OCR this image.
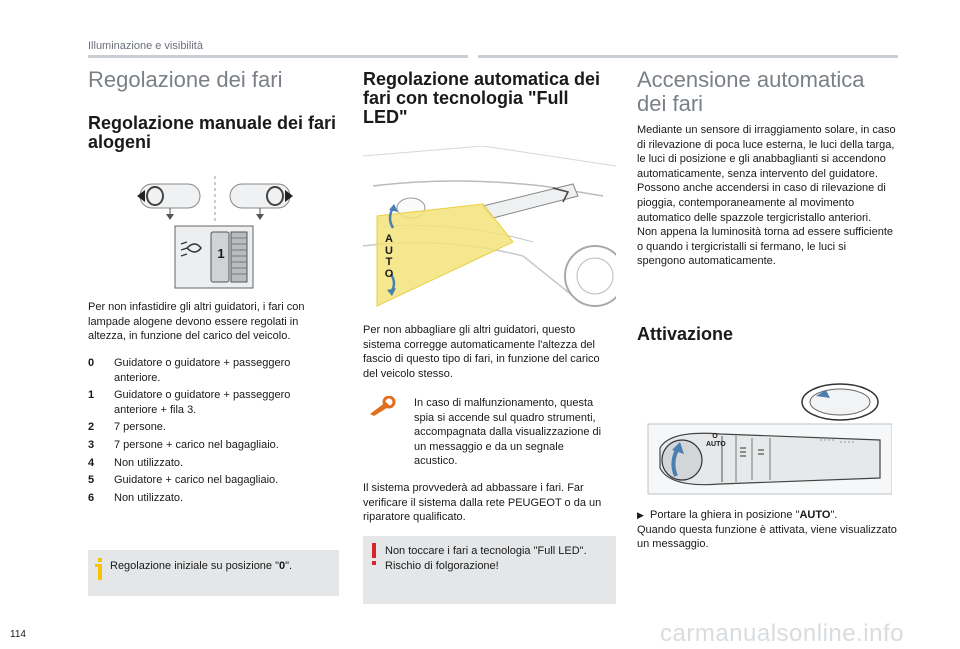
Illuminazione e visibilità
Regolazione dei fari
Regolazione manuale dei fari alogeni
1
Per non infastidire gli altri guidatori, i fari con lampade alogene devono essere regolati in altezza, in funzione del carico del veicolo.
0	Guidatore o guidatore + passeggero anteriore.
1	Guidatore o guidatore + passeggero anteriore + fila 3.
2	7 persone.
3	7 persone + carico nel bagagliaio.
4	Non utilizzato.
5	Guidatore + carico nel bagagliaio.
6	Non utilizzato.
Regolazione iniziale su posizione "0".
Regolazione automatica dei fari con tecnologia "Full LED"
A
U
T
O
Per non abbagliare gli altri guidatori, questo sistema corregge automaticamente l'altezza del fascio di questo tipo di fari, in funzione del carico del veicolo stesso.
In caso di malfunzionamento, questa spia si accende sul quadro strumenti, accompagnata dalla visualizzazione di un messaggio e da un segnale acustico.
Il sistema provvederà ad abbassare i fari. Far verificare il sistema dalla rete PEUGEOT o da un riparatore qualificato.
Non toccare i fari a tecnologia "Full LED". Rischio di folgorazione!
Accensione automatica dei fari
Mediante un sensore di irraggiamento solare, in caso di rilevazione di poca luce esterna, le luci della targa, le luci di posizione e gli anabbaglianti si accendono automaticamente, senza intervento del guidatore. Possono anche accendersi in caso di rilevazione di pioggia, contemporaneamente al movimento automatico delle spazzole tergicristallo anteriori.
Non appena la luminosità torna ad essere sufficiente o quando i tergicristalli si fermano, le luci si spengono automaticamente.
Attivazione
O
AUTO
▶ Portare la ghiera in posizione "AUTO".
Quando questa funzione è attivata, viene visualizzato un messaggio.
114	carmanualsonline.info
